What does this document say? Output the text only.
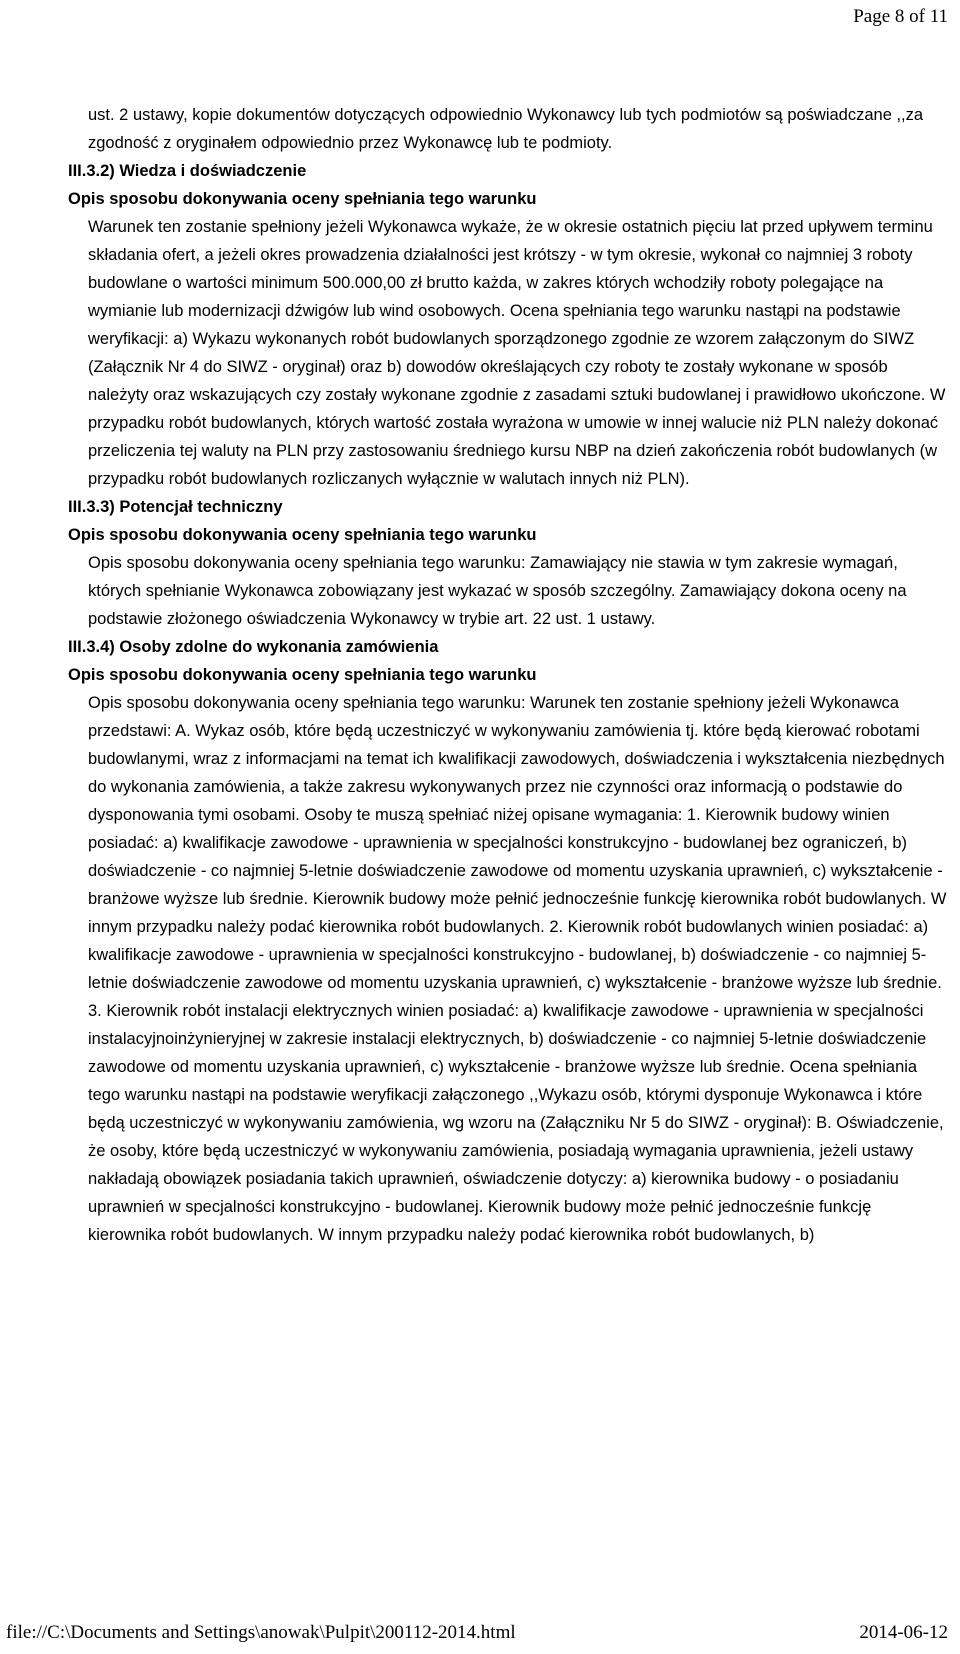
Page 8 of 11

ust. 2 ustawy, kopie dokumentów dotyczących odpowiednio Wykonawcy lub tych podmiotów są poświadczane ,,za zgodność z oryginałem odpowiednio przez Wykonawcę lub te podmioty.

III.3.2) Wiedza i doświadczenie

Opis sposobu dokonywania oceny spełniania tego warunku

Warunek ten zostanie spełniony jeżeli Wykonawca wykaże, że w okresie ostatnich pięciu lat przed upływem terminu składania ofert, a jeżeli okres prowadzenia działalności jest krótszy - w tym okresie, wykonał co najmniej 3 roboty budowlane o wartości minimum 500.000,00 zł brutto każda, w zakres których wchodziły roboty polegające na wymianie lub modernizacji dźwigów lub wind osobowych. Ocena spełniania tego warunku nastąpi na podstawie weryfikacji: a) Wykazu wykonanych robót budowlanych sporządzonego zgodnie ze wzorem załączonym do SIWZ (Załącznik Nr 4 do SIWZ - oryginał) oraz b) dowodów określających czy roboty te zostały wykonane w sposób należyty oraz wskazujących czy zostały wykonane zgodnie z zasadami sztuki budowlanej i prawidłowo ukończone. W przypadku robót budowlanych, których wartość została wyrażona w umowie w innej walucie niż PLN należy dokonać przeliczenia tej waluty na PLN przy zastosowaniu średniego kursu NBP na dzień zakończenia robót budowlanych (w przypadku robót budowlanych rozliczanych wyłącznie w walutach innych niż PLN).

III.3.3) Potencjał techniczny

Opis sposobu dokonywania oceny spełniania tego warunku

Opis sposobu dokonywania oceny spełniania tego warunku: Zamawiający nie stawia w tym zakresie wymagań, których spełnianie Wykonawca zobowiązany jest wykazać w sposób szczególny. Zamawiający dokona oceny na podstawie złożonego oświadczenia Wykonawcy w trybie art. 22 ust. 1 ustawy.

III.3.4) Osoby zdolne do wykonania zamówienia

Opis sposobu dokonywania oceny spełniania tego warunku

Opis sposobu dokonywania oceny spełniania tego warunku: Warunek ten zostanie spełniony jeżeli Wykonawca przedstawi: A. Wykaz osób, które będą uczestniczyć w wykonywaniu zamówienia tj. które będą kierować robotami budowlanymi, wraz z informacjami na temat ich kwalifikacji zawodowych, doświadczenia i wykształcenia niezbędnych do wykonania zamówienia, a także zakresu wykonywanych przez nie czynności oraz informacją o podstawie do dysponowania tymi osobami. Osoby te muszą spełniać niżej opisane wymagania: 1. Kierownik budowy winien posiadać: a) kwalifikacje zawodowe - uprawnienia w specjalności konstrukcyjno - budowlanej bez ograniczeń, b) doświadczenie - co najmniej 5-letnie doświadczenie zawodowe od momentu uzyskania uprawnień, c) wykształcenie - branżowe wyższe lub średnie. Kierownik budowy może pełnić jednocześnie funkcję kierownika robót budowlanych. W innym przypadku należy podać kierownika robót budowlanych. 2. Kierownik robót budowlanych winien posiadać: a) kwalifikacje zawodowe - uprawnienia w specjalności konstrukcyjno - budowlanej, b) doświadczenie - co najmniej 5-letnie doświadczenie zawodowe od momentu uzyskania uprawnień, c) wykształcenie - branżowe wyższe lub średnie. 3. Kierownik robót instalacji elektrycznych winien posiadać: a) kwalifikacje zawodowe - uprawnienia w specjalności instalacyjnoinżynieryjnej w zakresie instalacji elektrycznych, b) doświadczenie - co najmniej 5-letnie doświadczenie zawodowe od momentu uzyskania uprawnień, c) wykształcenie - branżowe wyższe lub średnie. Ocena spełniania tego warunku nastąpi na podstawie weryfikacji załączonego ,,Wykazu osób, którymi dysponuje Wykonawca i które będą uczestniczyć w wykonywaniu zamówienia, wg wzoru na (Załączniku Nr 5 do SIWZ - oryginał): B. Oświadczenie, że osoby, które będą uczestniczyć w wykonywaniu zamówienia, posiadają wymagania uprawnienia, jeżeli ustawy nakładają obowiązek posiadania takich uprawnień, oświadczenie dotyczy: a) kierownika budowy - o posiadaniu uprawnień w specjalności konstrukcyjno - budowlanej. Kierownik budowy może pełnić jednocześnie funkcję kierownika robót budowlanych. W innym przypadku należy podać kierownika robót budowlanych, b)

file://C:\Documents and Settings\anowak\Pulpit\200112-2014.html	2014-06-12
